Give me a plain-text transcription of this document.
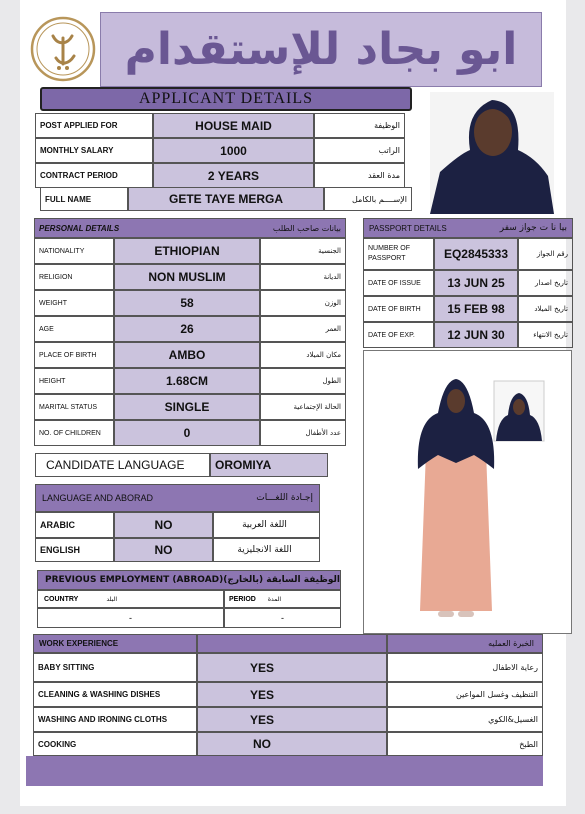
ابو بجاد للإستقدام
APPLICANT DETAILS
POST APPLIED FOR	HOUSE MAID	الوظيفة
MONTHLY SALARY	1000	الراتب
CONTRACT PERIOD	2 YEARS	مدة العقد
FULL NAME	GETE TAYE MERGA	الإســــم بالكامل
PERSONAL DETAILS	بيانات صاحب الطلب
NATIONALITY	ETHIOPIAN	الجنسية
RELIGION	NON MUSLIM	الديانة
WEIGHT	58	الوزن
AGE	26	العمر
PLACE OF BIRTH	AMBO	مكان الميلاد
HEIGHT	1.68CM	الطول
MARITAL STATUS	SINGLE	الحالة الإجتماعية
NO. OF CHILDREN	0	عدد الأطفال
PASSPORT DETAILS	بيا نا ت جواز سفر
NUMBER OF PASSPORT	EQ2845333	رقم الجواز
DATE OF ISSUE	13 JUN 25	تاريخ اصدار
DATE OF BIRTH	15 FEB 98	تاريخ الميلاد
DATE OF EXP.	12 JUN 30	تاريخ الانتهاء
CANDIDATE LANGUAGE	OROMIYA
LANGUAGE AND ABORAD	إجـادة اللغـــات
ARABIC	NO	اللغة العربية
ENGLISH	NO	اللغة الانجليزية
PREVIOUS EMPLOYMENT (ABROAD)(الوظيفة السابقة (بالخارج
COUNTRY	البلد	PERIOD المدة
-	-
WORK EXPERIENCE	الخبرة العمليه
BABY SITTING	YES	رعاية الاطفال
CLEANING & WASHING DISHES	YES	التنظيف وغسل المواعين
WASHING AND IRONING CLOTHS	YES	الغسيل&الكوي
COOKING	NO	الطبخ
